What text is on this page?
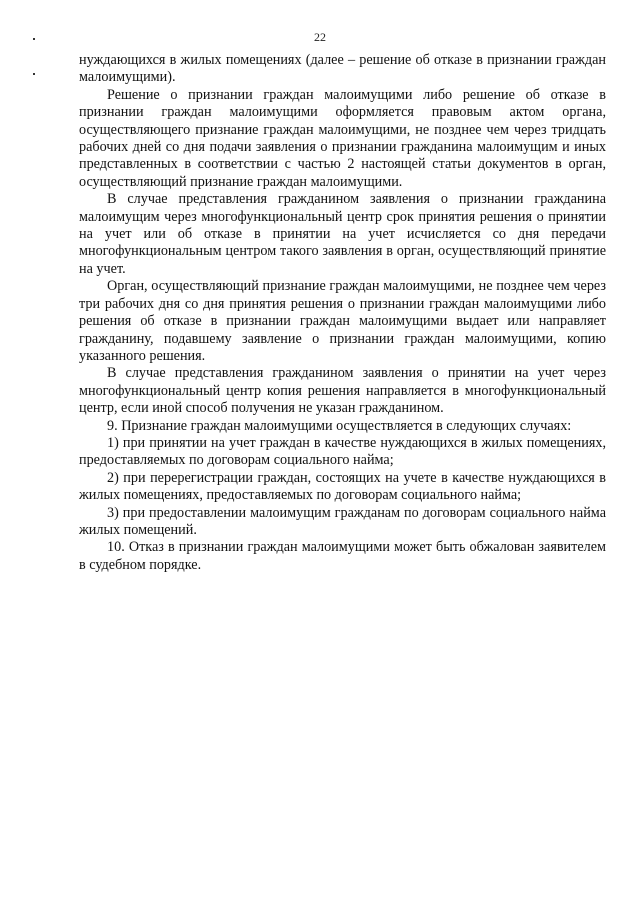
22

нуждающихся в жилых помещениях (далее – решение об отказе в признании граждан малоимущими).

Решение о признании граждан малоимущими либо решение об отказе в признании граждан малоимущими оформляется правовым актом органа, осуществляющего признание граждан малоимущими, не позднее чем через тридцать рабочих дней со дня подачи заявления о признании гражданина малоимущим и иных представленных в соответствии с частью 2 настоящей статьи документов в орган, осуществляющий признание граждан малоимущими.

В случае представления гражданином заявления о признании гражданина малоимущим через многофункциональный центр срок принятия решения о принятии на учет или об отказе в принятии на учет исчисляется со дня передачи многофункциональным центром такого заявления в орган, осуществляющий принятие на учет.

Орган, осуществляющий признание граждан малоимущими, не позднее чем через три рабочих дня со дня принятия решения о признании граждан малоимущими либо решения об отказе в признании граждан малоимущими выдает или направляет гражданину, подавшему заявление о признании граждан малоимущими, копию указанного решения.

В случае представления гражданином заявления о принятии на учет через многофункциональный центр копия решения направляется в многофункциональный центр, если иной способ получения не указан гражданином.

9. Признание граждан малоимущими осуществляется в следующих случаях:

1) при принятии на учет граждан в качестве нуждающихся в жилых помещениях, предоставляемых по договорам социального найма;

2) при перерегистрации граждан, состоящих на учете в качестве нуждающихся в жилых помещениях, предоставляемых по договорам социального найма;

3) при предоставлении малоимущим гражданам по договорам социального найма жилых помещений.

10. Отказ в признании граждан малоимущими может быть обжалован заявителем в судебном порядке.
